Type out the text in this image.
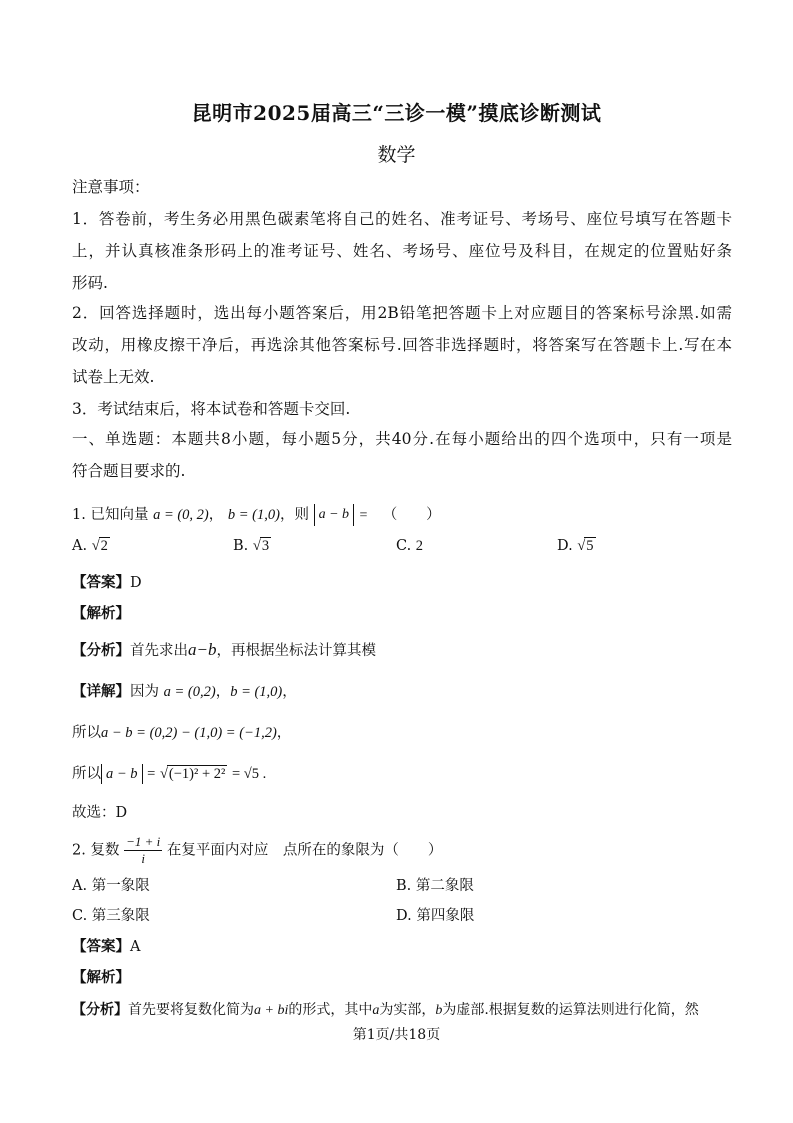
昆明市2025届高三“三诊一模”摸底诊断测试
数学
注意事项：
1．答卷前，考生务必用黑色碳素笔将自己的姓名、准考证号、考场号、座位号填写在答题卡
上，并认真核准条形码上的准考证号、姓名、考场号、座位号及科目，在规定的位置贴好条
形码.
2．回答选择题时，选出每小题答案后，用2B铅笔把答题卡上对应题目的答案标号涂黑.如需
改动，用橡皮擦干净后，再选涂其他答案标号.回答非选择题时，将答案写在答题卡上.写在本
试卷上无效.
3．考试结束后，将本试卷和答题卡交回.
一、单选题：本题共8小题，每小题5分，共40分.在每小题给出的四个选项中，只有一项是
符合题目要求的.
1. 已知向量 a = (0, 2)， b = (1,0)，则 a − b = （　　）
A. √2	B. √3	C. 2	D. √5
【答案】D
【解析】
【分析】首先求出a−b，再根据坐标法计算其模
【详解】因为 a = (0,2)，b = (1,0)，
所以a − b = (0,2) − (1,0) = (−1,2)，
所以 a − b = √(−1)² + 2² = √5 .
故选：D
2. 复数 $\frac{-1 + i}{i}$ 在复平面内对应　点所在的象限为（　　）
A. 第一象限	B. 第二象限
C. 第三象限	D. 第四象限
【答案】A
【解析】
【分析】首先要将复数化简为a + bi的形式，其中a为实部，b为虚部.根据复数的运算法则进行化简，然
第1页/共18页
